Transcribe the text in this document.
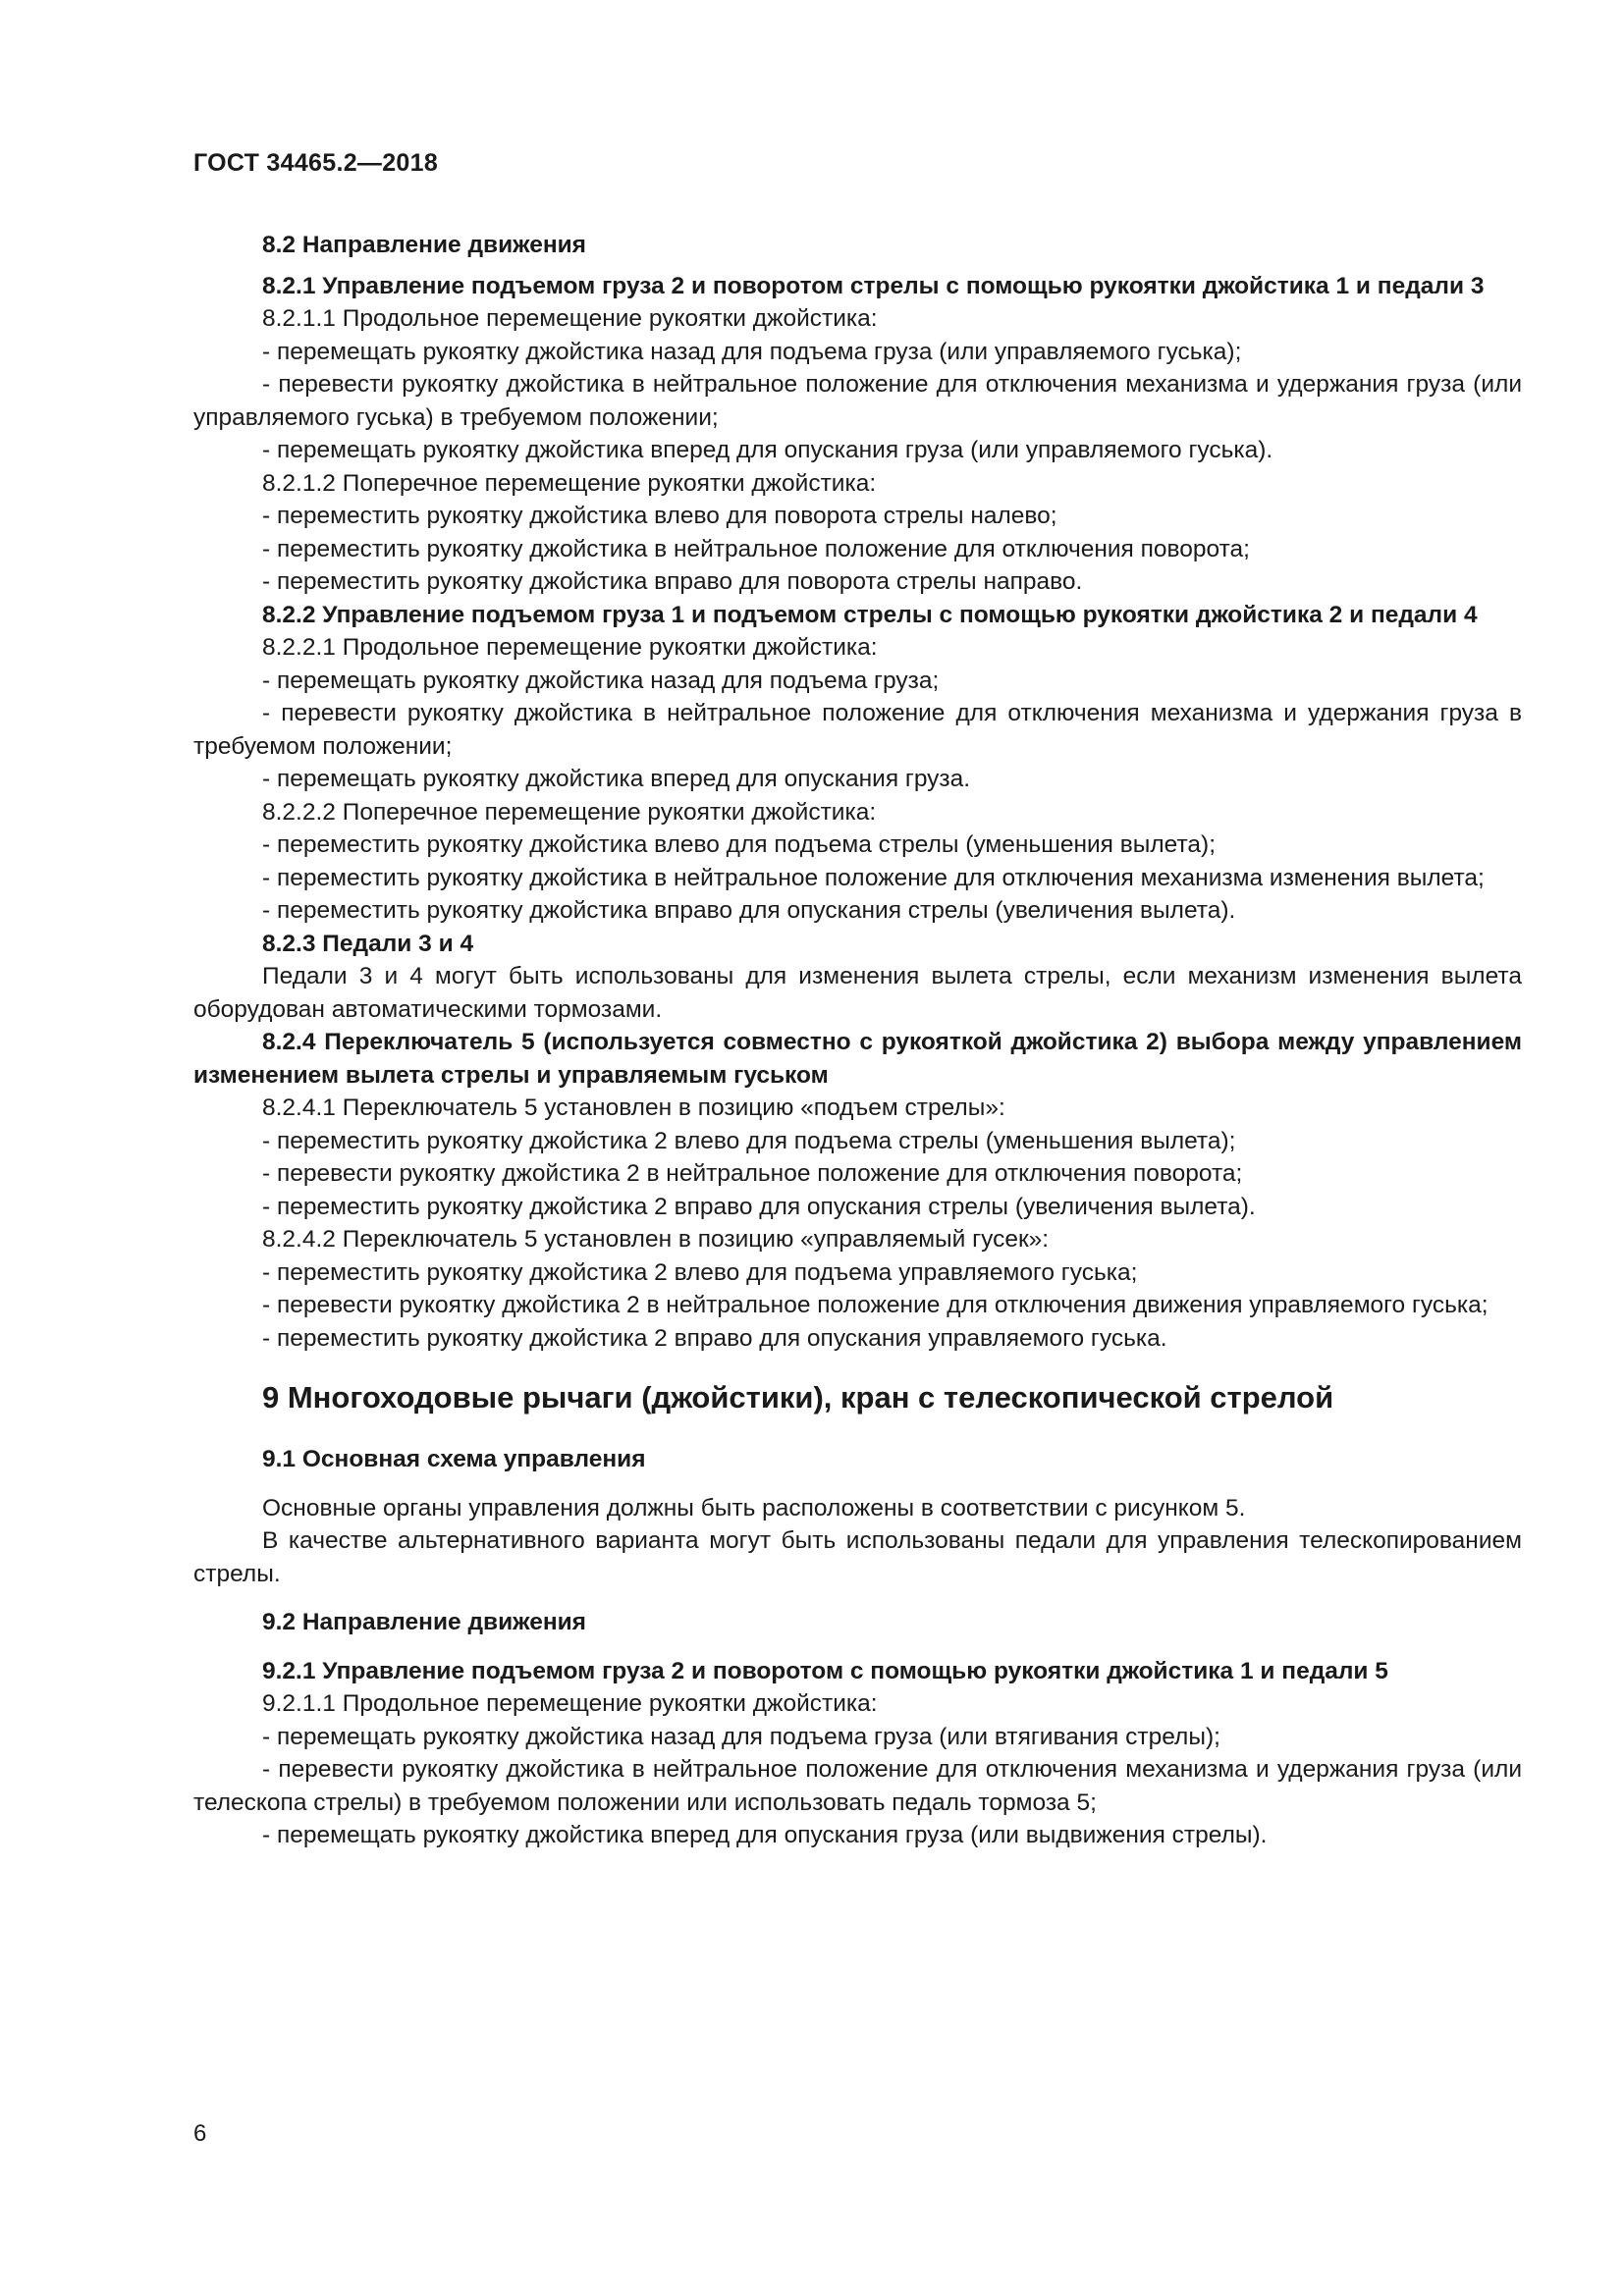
ГОСТ 34465.2—2018

8.2 Направление движения

8.2.1 Управление подъемом груза 2 и поворотом стрелы с помощью рукоятки джойстика 1 и педали 3

8.2.1.1 Продольное перемещение рукоятки джойстика:

- перемещать рукоятку джойстика назад для подъема груза (или управляемого гуська);

- перевести рукоятку джойстика в нейтральное положение для отключения механизма и удержания груза (или управляемого гуська) в требуемом положении;

- перемещать рукоятку джойстика вперед для опускания груза (или управляемого гуська).

8.2.1.2 Поперечное перемещение рукоятки джойстика:

- переместить рукоятку джойстика влево для поворота стрелы налево;

- переместить рукоятку джойстика в нейтральное положение для отключения поворота;

- переместить рукоятку джойстика вправо для поворота стрелы направо.

8.2.2 Управление подъемом груза 1 и подъемом стрелы с помощью рукоятки джойстика 2 и педали 4

8.2.2.1 Продольное перемещение рукоятки джойстика:

- перемещать рукоятку джойстика назад для подъема груза;

- перевести рукоятку джойстика в нейтральное положение для отключения механизма и удержания груза в требуемом положении;

- перемещать рукоятку джойстика вперед для опускания груза.

8.2.2.2 Поперечное перемещение рукоятки джойстика:

- переместить рукоятку джойстика влево для подъема стрелы (уменьшения вылета);

- переместить рукоятку джойстика в нейтральное положение для отключения механизма изменения вылета;

- переместить рукоятку джойстика вправо для опускания стрелы (увеличения вылета).

8.2.3 Педали 3 и 4

Педали 3 и 4 могут быть использованы для изменения вылета стрелы, если механизм изменения вылета оборудован автоматическими тормозами.

8.2.4 Переключатель 5 (используется совместно с рукояткой джойстика 2) выбора между управлением изменением вылета стрелы и управляемым гуськом

8.2.4.1 Переключатель 5 установлен в позицию «подъем стрелы»:

- переместить рукоятку джойстика 2 влево для подъема стрелы (уменьшения вылета);

- перевести рукоятку джойстика 2 в нейтральное положение для отключения поворота;

- переместить рукоятку джойстика 2 вправо для опускания стрелы (увеличения вылета).

8.2.4.2 Переключатель 5 установлен в позицию «управляемый гусек»:

- переместить рукоятку джойстика 2 влево для подъема управляемого гуська;

- перевести рукоятку джойстика 2 в нейтральное положение для отключения движения управляемого гуська;

- переместить рукоятку джойстика 2 вправо для опускания управляемого гуська.

9 Многоходовые рычаги (джойстики), кран с телескопической стрелой

9.1 Основная схема управления

Основные органы управления должны быть расположены в соответствии с рисунком 5.

В качестве альтернативного варианта могут быть использованы педали для управления телескопированием стрелы.

9.2 Направление движения

9.2.1 Управление подъемом груза 2 и поворотом с помощью рукоятки джойстика 1 и педали 5

9.2.1.1 Продольное перемещение рукоятки джойстика:

- перемещать рукоятку джойстика назад для подъема груза (или втягивания стрелы);

- перевести рукоятку джойстика в нейтральное положение для отключения механизма и удержания груза (или телескопа стрелы) в требуемом положении или использовать педаль тормоза 5;

- перемещать рукоятку джойстика вперед для опускания груза (или выдвижения стрелы).

6
